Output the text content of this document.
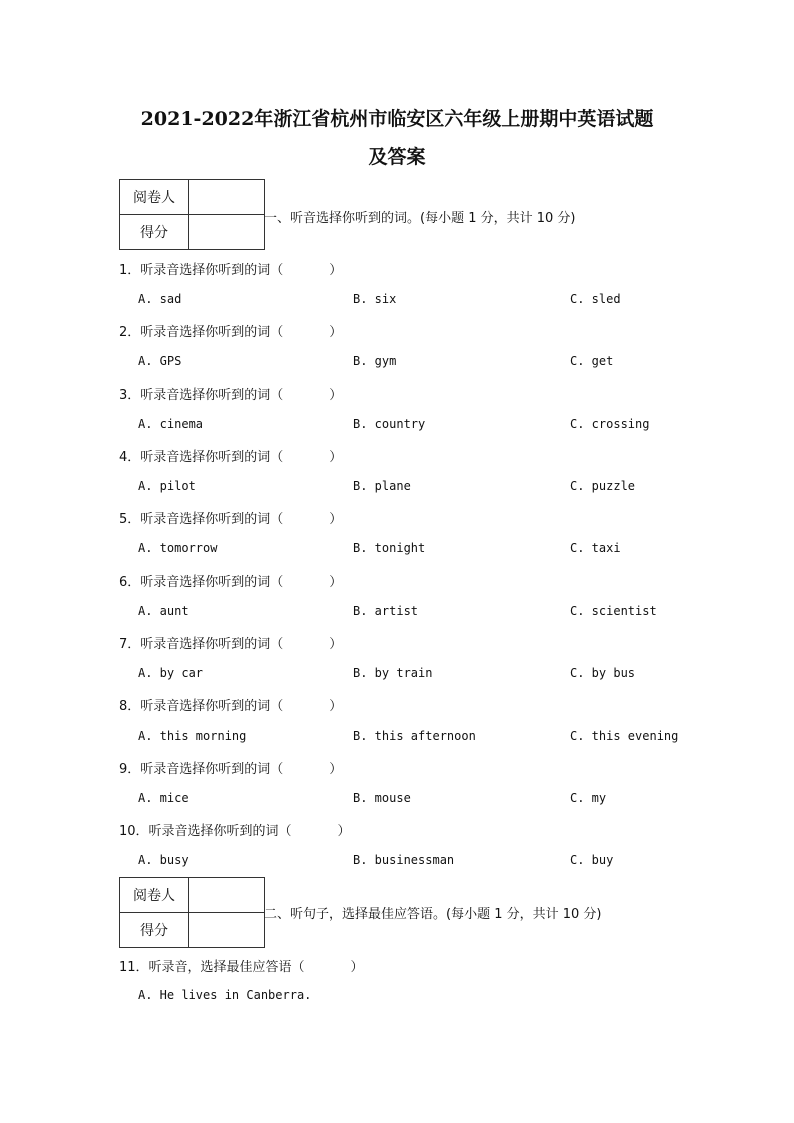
2021-2022年浙江省杭州市临安区六年级上册期中英语试题
及答案
阅卷人	
得分	
一、听音选择你听到的词。(每小题 1 分，共计 10 分)
1．听录音选择你听到的词（	）
A. sad	B. six	C. sled
2．听录音选择你听到的词（	）
A. GPS	B. gym	C. get
3．听录音选择你听到的词（	）
A. cinema	B. country	C. crossing
4．听录音选择你听到的词（	）
A. pilot	B. plane	C. puzzle
5．听录音选择你听到的词（	）
A. tomorrow	B. tonight	C. taxi
6．听录音选择你听到的词（	）
A. aunt	B. artist	C. scientist
7．听录音选择你听到的词（	）
A. by car	B. by train	C. by bus
8．听录音选择你听到的词（	）
A. this morning	B. this afternoon	C. this evening
9．听录音选择你听到的词（	）
A. mice	B. mouse	C. my
10．听录音选择你听到的词（	）
A. busy	B. businessman	C. buy
阅卷人	
得分	
二、听句子，选择最佳应答语。(每小题 1 分，共计 10 分)
11．听录音，选择最佳应答语（	）
A. He lives in Canberra.
